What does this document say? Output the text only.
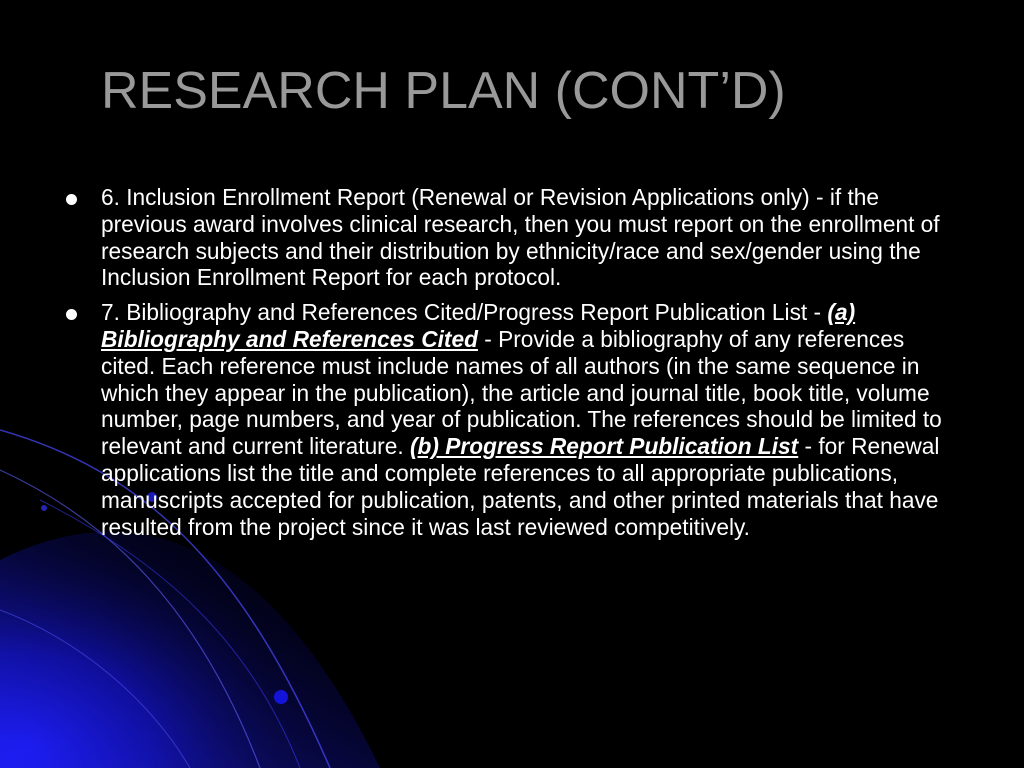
RESEARCH PLAN (CONT’D)
6. Inclusion Enrollment Report (Renewal or Revision Applications only) - if the previous award involves clinical research, then you must report on the enrollment of research subjects and their distribution by ethnicity/race and sex/gender using the Inclusion Enrollment Report for each protocol.
7. Bibliography and References Cited/Progress Report Publication List - (a) Bibliography and References Cited - Provide a bibliography of any references cited. Each reference must include names of all authors (in the same sequence in which they appear in the publication), the article and journal title, book title, volume number, page numbers, and year of publication. The references should be limited to relevant and current literature. (b) Progress Report Publication List - for Renewal applications list the title and complete references to all appropriate publications, manuscripts accepted for publication, patents, and other printed materials that have resulted from the project since it was last reviewed competitively.
